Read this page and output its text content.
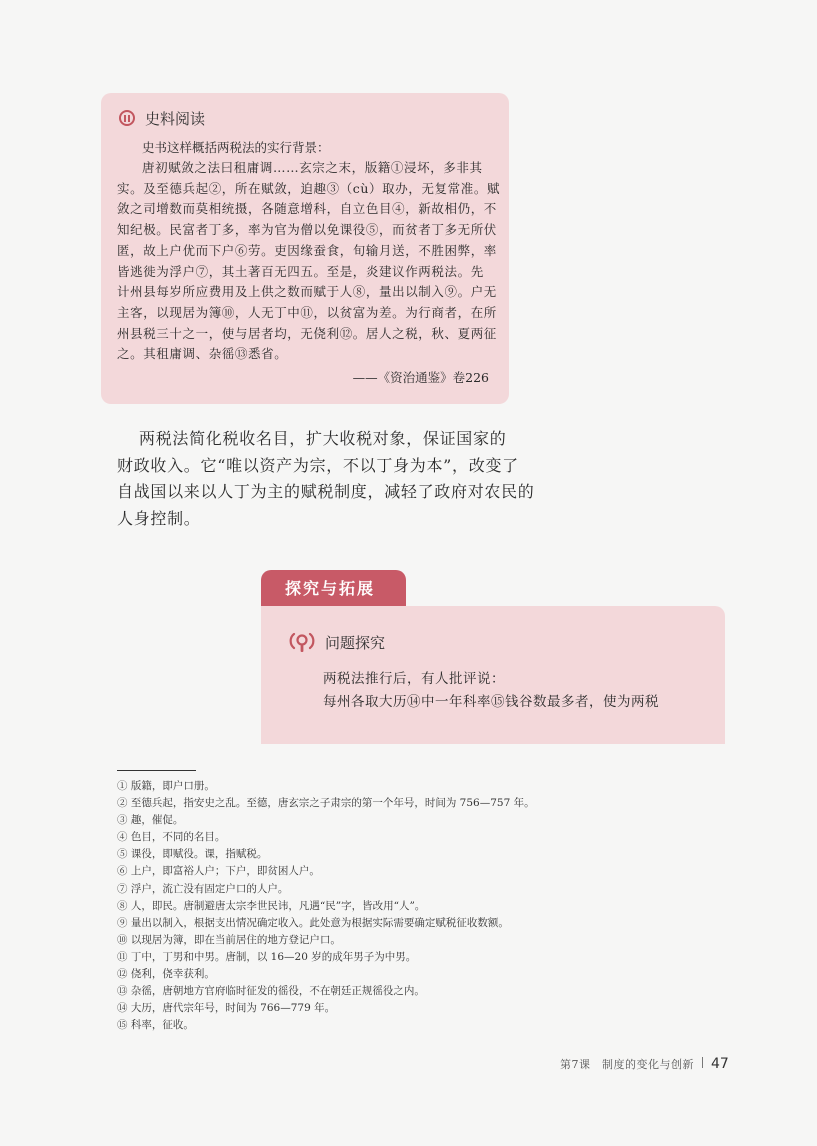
史料阅读
史书这样概括两税法的实行背景：
唐初赋敛之法曰租庸调……玄宗之末，版籍①浸坏，多非其
实。及至德兵起②，所在赋敛，迫趣③（cù）取办，无复常准。赋
敛之司增数而莫相统摄，各随意增科，自立色目④，新故相仍，不
知纪极。民富者丁多，率为官为僧以免课役⑤，而贫者丁多无所伏
匿，故上户优而下户⑥劳。吏因缘蚕食，旬输月送，不胜困弊，率
皆逃徙为浮户⑦，其土著百无四五。至是，炎建议作两税法。先
计州县每岁所应费用及上供之数而赋于人⑧，量出以制入⑨。户无
主客，以现居为簿⑩，人无丁中⑪，以贫富为差。为行商者，在所
州县税三十之一，使与居者均，无侥利⑫。居人之税，秋、夏两征
之。其租庸调、杂徭⑬悉省。
——《资治通鉴》卷226
两税法简化税收名目，扩大收税对象，保证国家的
财政收入。它“唯以资产为宗，不以丁身为本”，改变了
自战国以来以人丁为主的赋税制度，减轻了政府对农民的
人身控制。
探究与拓展
问题探究
两税法推行后，有人批评说：
每州各取大历⑭中一年科率⑮钱谷数最多者，使为两税
① 版籍，即户口册。
② 至德兵起，指安史之乱。至德，唐玄宗之子肃宗的第一个年号，时间为 756—757 年。
③ 趣，催促。
④ 色目，不同的名目。
⑤ 课役，即赋役。课，指赋税。
⑥ 上户，即富裕人户；下户，即贫困人户。
⑦ 浮户，流亡没有固定户口的人户。
⑧ 人，即民。唐制避唐太宗李世民讳，凡遇“民”字，皆改用“人”。
⑨ 量出以制入，根据支出情况确定收入。此处意为根据实际需要确定赋税征收数额。
⑩ 以现居为簿，即在当前居住的地方登记户口。
⑪ 丁中，丁男和中男。唐制，以 16—20 岁的成年男子为中男。
⑫ 侥利，侥幸获利。
⑬ 杂徭，唐朝地方官府临时征发的徭役，不在朝廷正规徭役之内。
⑭ 大历，唐代宗年号，时间为 766—779 年。
⑮ 科率，征收。
第7课　制度的变化与创新 47
